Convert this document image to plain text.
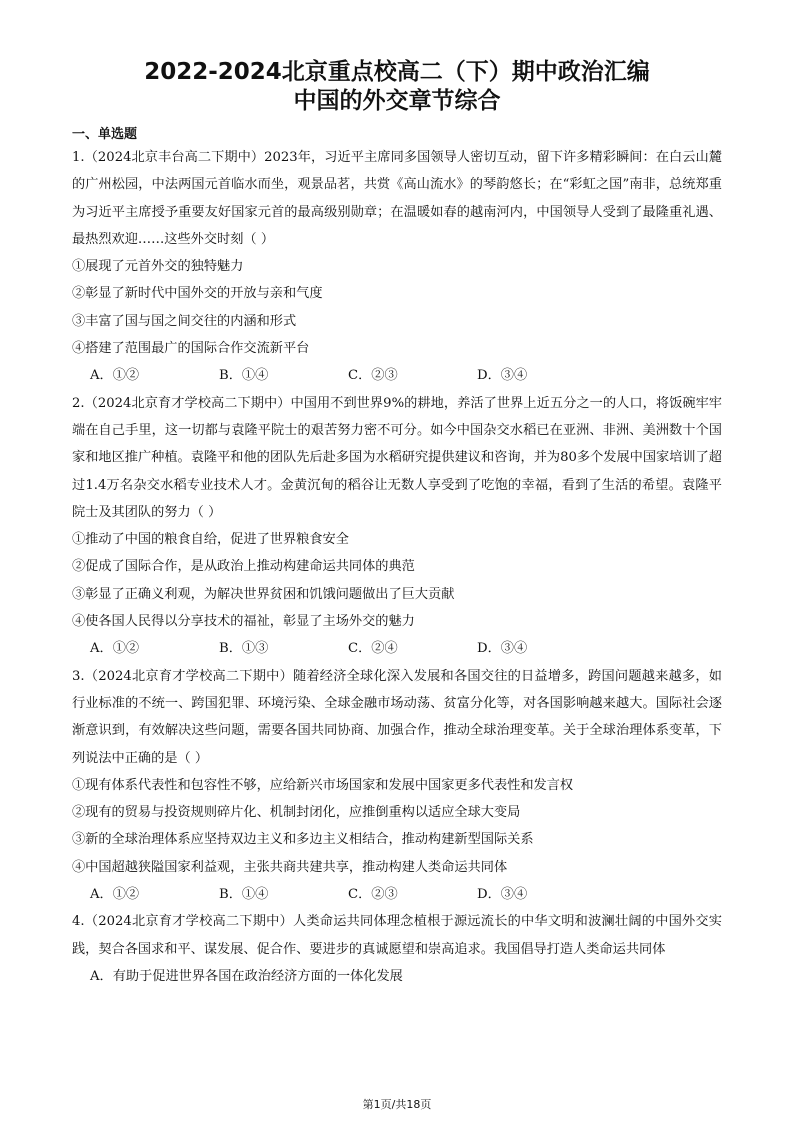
2022-2024北京重点校高二（下）期中政治汇编
中国的外交章节综合
一、单选题

1.（2024北京丰台高二下期中）2023年，习近平主席同多国领导人密切互动，留下许多精彩瞬间：在白云山麓的广州松园，中法两国元首临水而坐，观景品茗，共赏《高山流水》的琴韵悠长；在“彩虹之国”南非，总统郑重为习近平主席授予重要友好国家元首的最高级别勋章；在温暖如春的越南河内，中国领导人受到了最隆重礼遇、最热烈欢迎……这些外交时刻（ ）

①展现了元首外交的独特魅力

②彰显了新时代中国外交的开放与亲和气度

③丰富了国与国之间交往的内涵和形式

④搭建了范围最广的国际合作交流新平台

A．①②	B．①④	C．②③	D．③④

2.（2024北京育才学校高二下期中）中国用不到世界9%的耕地，养活了世界上近五分之一的人口，将饭碗牢牢端在自己手里，这一切都与袁隆平院士的艰苦努力密不可分。如今中国杂交水稻已在亚洲、非洲、美洲数十个国家和地区推广种植。袁隆平和他的团队先后赴多国为水稻研究提供建议和咨询，并为80多个发展中国家培训了超过1.4万名杂交水稻专业技术人才。金黄沉甸的稻谷让无数人享受到了吃饱的幸福，看到了生活的希望。袁隆平院士及其团队的努力（ ）

①推动了中国的粮食自给，促进了世界粮食安全

②促成了国际合作，是从政治上推动构建命运共同体的典范

③彰显了正确义利观，为解决世界贫困和饥饿问题做出了巨大贡献

④使各国人民得以分享技术的福祉，彰显了主场外交的魅力

A．①②	B．①③	C．②④	D．③④

3.（2024北京育才学校高二下期中）随着经济全球化深入发展和各国交往的日益增多，跨国问题越来越多，如行业标准的不统一、跨国犯罪、环境污染、全球金融市场动荡、贫富分化等，对各国影响越来越大。国际社会逐渐意识到，有效解决这些问题，需要各国共同协商、加强合作，推动全球治理变革。关于全球治理体系变革，下列说法中正确的是（ ）

①现有体系代表性和包容性不够，应给新兴市场国家和发展中国家更多代表性和发言权

②现有的贸易与投资规则碎片化、机制封闭化，应推倒重构以适应全球大变局

③新的全球治理体系应坚持双边主义和多边主义相结合，推动构建新型国际关系

④中国超越狭隘国家利益观，主张共商共建共享，推动构建人类命运共同体

A．①②	B．①④	C．②③	D．③④

4.（2024北京育才学校高二下期中）人类命运共同体理念植根于源远流长的中华文明和波澜壮阔的中国外交实践，契合各国求和平、谋发展、促合作、要进步的真诚愿望和崇高追求。我国倡导打造人类命运共同体

A．有助于促进世界各国在政治经济方面的一体化发展

第1页/共18页
